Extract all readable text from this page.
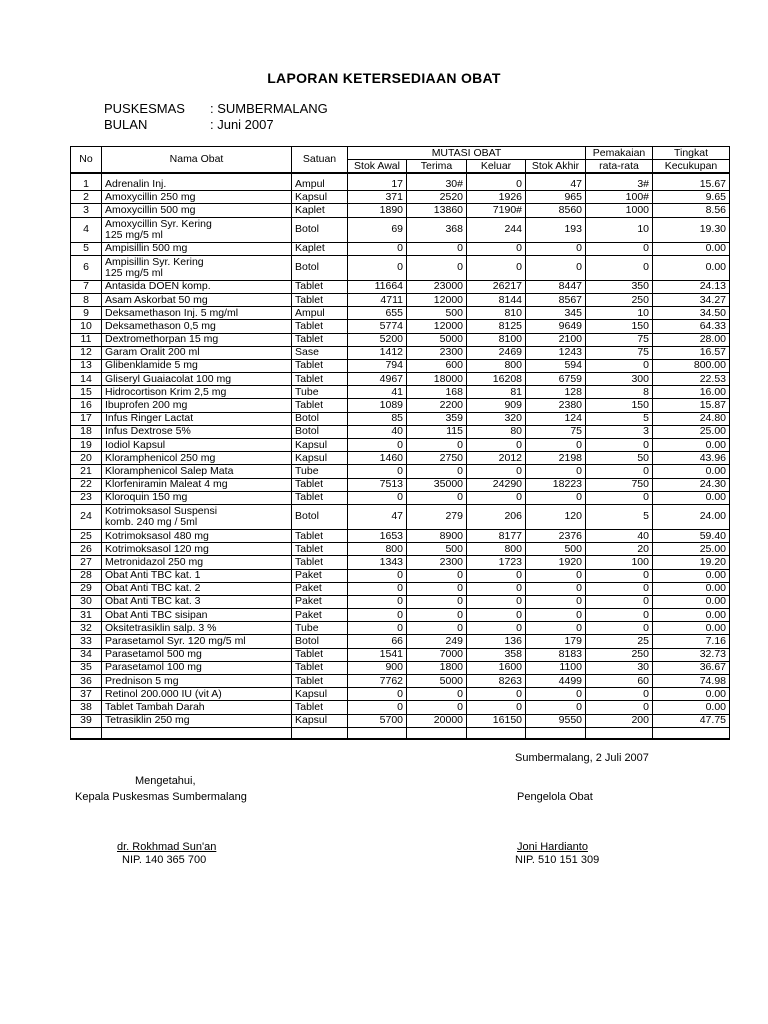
LAPORAN KETERSEDIAAN OBAT
PUSKESMAS : SUMBERMALANG
BULAN	: Juni 2007
No	Nama Obat	Satuan	MUTASI OBAT				Pemakaian	Tingkat
			Stok Awal	Terima	Keluar	Stok Akhir	rata-rata	Kecukupan

1	Adrenalin Inj.	Ampul	17	30#	0	47	3#	15.67
2	Amoxycillin 250 mg	Kapsul	371	2520	1926	965	100#	9.65
3	Amoxycillin 500 mg	Kaplet	1890	13860	7190#	8560	1000	8.56
4	Amoxycillin Syr. Kering
125 mg/5 ml	Botol	69	368	244	193	10	19.30
5	Ampisillin 500 mg	Kaplet	0	0	0	0	0	0.00
6	Ampisillin Syr. Kering
125 mg/5 ml	Botol	0	0	0	0	0	0.00
7	Antasida DOEN komp.	Tablet	11664	23000	26217	8447	350	24.13
8	Asam Askorbat 50 mg	Tablet	4711	12000	8144	8567	250	34.27
9	Deksamethason Inj. 5 mg/ml	Ampul	655	500	810	345	10	34.50
10	Deksamethason 0,5 mg	Tablet	5774	12000	8125	9649	150	64.33
11	Dextromethorpan 15 mg	Tablet	5200	5000	8100	2100	75	28.00
12	Garam Oralit 200 ml	Sase	1412	2300	2469	1243	75	16.57
13	Glibenklamide 5 mg	Tablet	794	600	800	594	0	800.00
14	Gliseryl Guaiacolat 100 mg	Tablet	4967	18000	16208	6759	300	22.53
15	Hidrocortison Krim 2,5 mg	Tube	41	168	81	128	8	16.00
16	Ibuprofen 200 mg	Tablet	1089	2200	909	2380	150	15.87
17	Infus Ringer Lactat	Botol	85	359	320	124	5	24.80
18	Infus Dextrose 5%	Botol	40	115	80	75	3	25.00
19	Iodiol Kapsul	Kapsul	0	0	0	0	0	0.00
20	Kloramphenicol 250 mg	Kapsul	1460	2750	2012	2198	50	43.96
21	Kloramphenicol Salep Mata	Tube	0	0	0	0	0	0.00
22	Klorfeniramin Maleat 4 mg	Tablet	7513	35000	24290	18223	750	24.30
23	Kloroquin 150 mg	Tablet	0	0	0	0	0	0.00
24	Kotrimoksasol Suspensi
komb. 240 mg / 5ml	Botol	47	279	206	120	5	24.00
25	Kotrimoksasol 480 mg	Tablet	1653	8900	8177	2376	40	59.40
26	Kotrimoksasol 120 mg	Tablet	800	500	800	500	20	25.00
27	Metronidazol 250 mg	Tablet	1343	2300	1723	1920	100	19.20
28	Obat Anti TBC kat. 1	Paket	0	0	0	0	0	0.00
29	Obat Anti TBC kat. 2	Paket	0	0	0	0	0	0.00
30	Obat Anti TBC kat. 3	Paket	0	0	0	0	0	0.00
31	Obat Anti TBC sisipan	Paket	0	0	0	0	0	0.00
32	Oksitetrasiklin salp. 3 %	Tube	0	0	0	0	0	0.00
33	Parasetamol Syr. 120 mg/5 ml	Botol	66	249	136	179	25	7.16
34	Parasetamol 500 mg	Tablet	1541	7000	358	8183	250	32.73
35	Parasetamol 100 mg	Tablet	900	1800	1600	1100	30	36.67
36	Prednison 5 mg	Tablet	7762	5000	8263	4499	60	74.98
37	Retinol 200.000 IU (vit A)	Kapsul	0	0	0	0	0	0.00
38	Tablet Tambah Darah	Tablet	0	0	0	0	0	0.00
39	Tetrasiklin 250 mg	Kapsul	5700	20000	16150	9550	200	47.75

Sumbermalang, 2 Juli 2007
Mengetahui,
Kepala Puskesmas Sumbermalang	Pengelola Obat
dr. Rokhmad Sun'an
NIP. 140 365 700
Joni Hardianto
NIP. 510 151 309
